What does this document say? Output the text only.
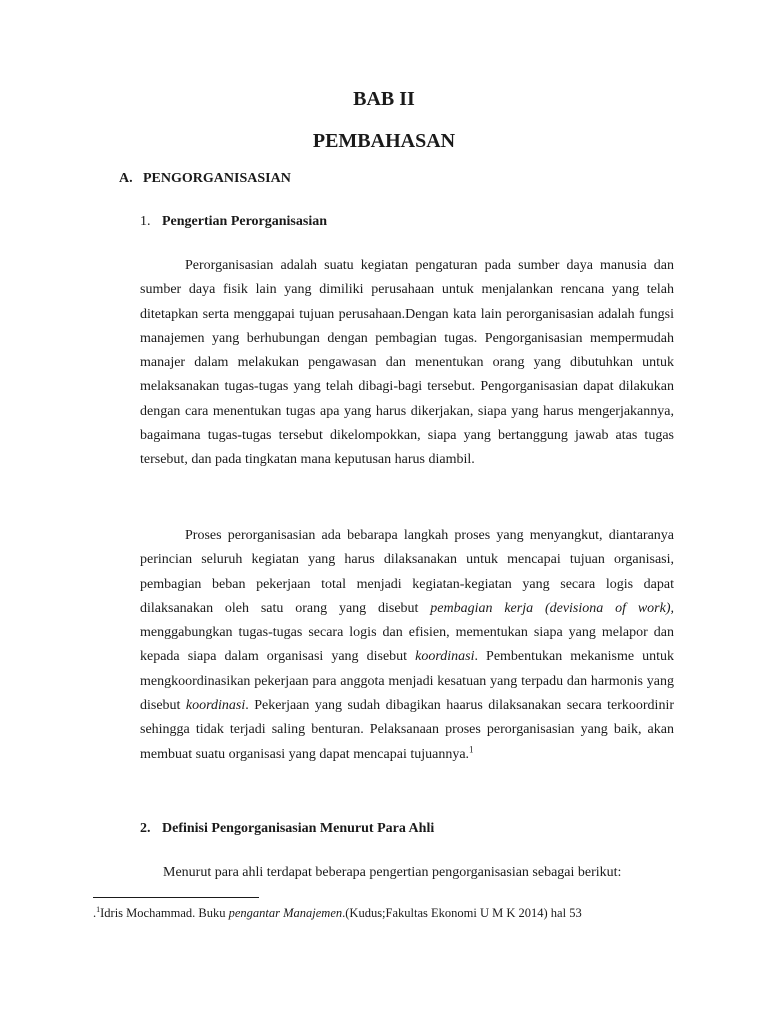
BAB II
PEMBAHASAN
A. PENGORGANISASIAN
1. Pengertian Perorganisasian

Perorganisasian adalah suatu kegiatan pengaturan pada sumber daya manusia dan sumber daya fisik lain yang dimiliki perusahaan untuk menjalankan rencana yang telah ditetapkan serta menggapai tujuan perusahaan.Dengan kata lain perorganisasian adalah fungsi manajemen yang berhubungan dengan pembagian tugas. Pengorganisasian mempermudah manajer dalam melakukan pengawasan dan menentukan orang yang dibutuhkan untuk melaksanakan tugas-tugas yang telah dibagi-bagi tersebut. Pengorganisasian dapat dilakukan dengan cara menentukan tugas apa yang harus dikerjakan, siapa yang harus mengerjakannya, bagaimana tugas-tugas tersebut dikelompokkan, siapa yang bertanggung jawab atas tugas tersebut, dan pada tingkatan mana keputusan harus diambil.

Proses perorganisasian ada bebarapa langkah proses yang menyangkut, diantaranya perincian seluruh kegiatan yang harus dilaksanakan untuk mencapai tujuan organisasi, pembagian beban pekerjaan total menjadi kegiatan-kegiatan yang secara logis dapat dilaksanakan oleh satu orang yang disebut pembagian kerja (devisiona of work), menggabungkan tugas-tugas secara logis dan efisien, mementukan siapa yang melapor dan kepada siapa dalam organisasi yang disebut koordinasi. Pembentukan mekanisme untuk mengkoordinasikan pekerjaan para anggota menjadi kesatuan yang terpadu dan harmonis yang disebut koordinasi. Pekerjaan yang sudah dibagikan haarus dilaksanakan secara terkoordinir sehingga tidak terjadi saling benturan. Pelaksanaan proses perorganisasian yang baik, akan membuat suatu organisasi yang dapat mencapai tujuannya.$^1$

2. Definisi Pengorganisasian Menurut Para Ahli

Menurut para ahli terdapat beberapa pengertian pengorganisasian sebagai berikut:

.$^1$Idris Mochammad. Buku pengantar Manajemen.(Kudus;Fakultas Ekonomi U M K 2014) hal 53
